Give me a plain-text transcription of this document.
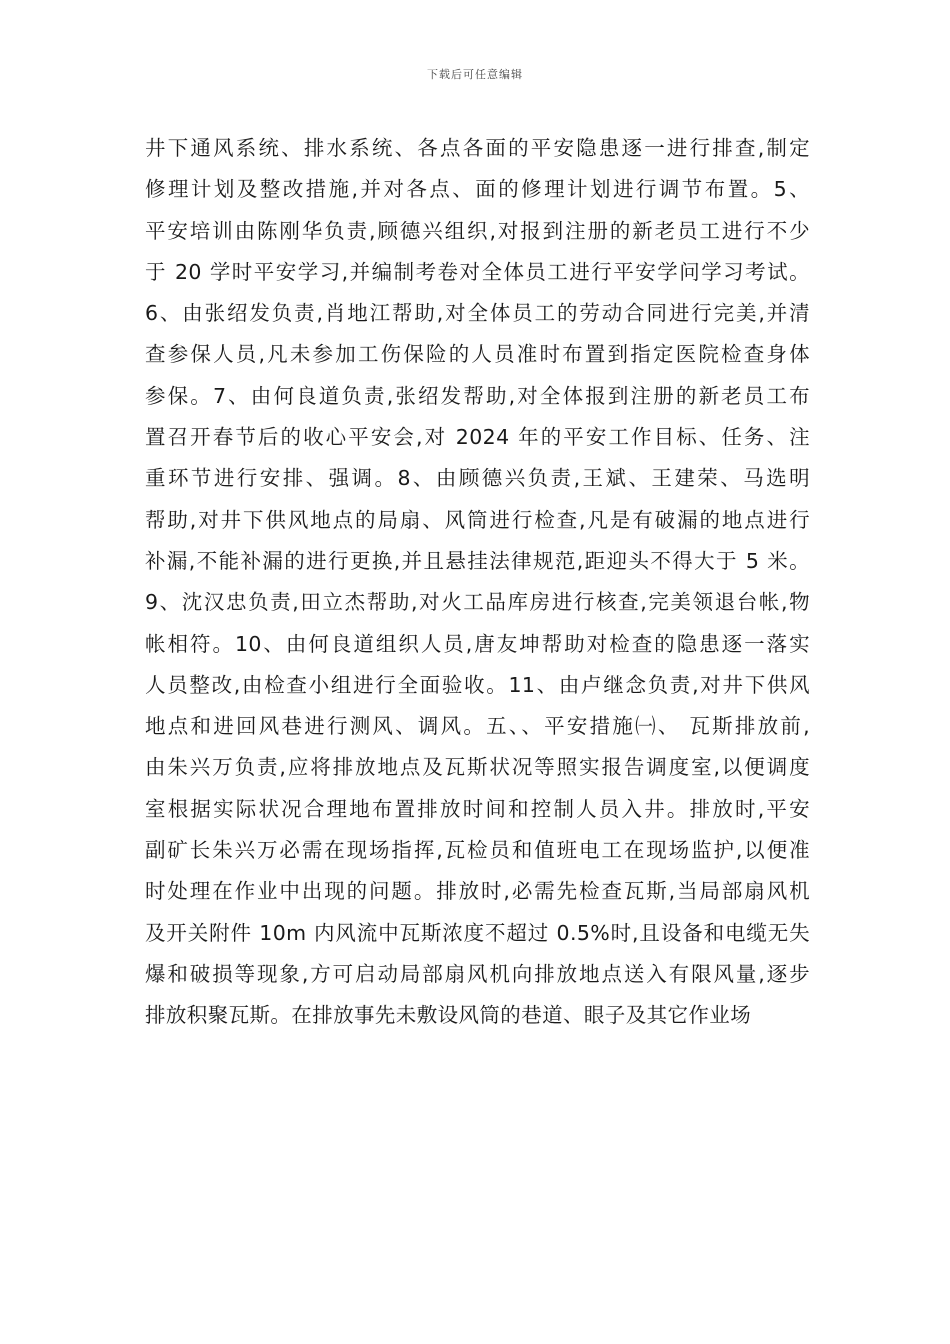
下载后可任意编辑
井下通风系统、排水系统、各点各面的平安隐患逐一进行排查,制定
修理计划及整改措施,并对各点、面的修理计划进行调节布置。5、
平安培训由陈刚华负责,顾德兴组织,对报到注册的新老员工进行不少
于 20 学时平安学习,并编制考卷对全体员工进行平安学问学习考试。
6、由张绍发负责,肖地江帮助,对全体员工的劳动合同进行完美,并清
查参保人员,凡未参加工伤保险的人员准时布置到指定医院检查身体
参保。7、由何良道负责,张绍发帮助,对全体报到注册的新老员工布
置召开春节后的收心平安会,对 2024 年的平安工作目标、任务、注
重环节进行安排、强调。8、由顾德兴负责,王斌、王建荣、马选明
帮助,对井下供风地点的局扇、风筒进行检查,凡是有破漏的地点进行
补漏,不能补漏的进行更换,并且悬挂法律规范,距迎头不得大于 5 米。
9、沈汉忠负责,田立杰帮助,对火工品库房进行核查,完美领退台帐,物
帐相符。10、由何良道组织人员,唐友坤帮助对检查的隐患逐一落实
人员整改,由检查小组进行全面验收。11、由卢继念负责,对井下供风
地点和进回风巷进行测风、调风。五、、平安措施㈠、 瓦斯排放前,
由朱兴万负责,应将排放地点及瓦斯状况等照实报告调度室,以便调度
室根据实际状况合理地布置排放时间和控制人员入井。排放时,平安
副矿长朱兴万必需在现场指挥,瓦检员和值班电工在现场监护,以便准
时处理在作业中出现的问题。排放时,必需先检查瓦斯,当局部扇风机
及开关附件 10m 内风流中瓦斯浓度不超过 0.5%时,且设备和电缆无失
爆和破损等现象,方可启动局部扇风机向排放地点送入有限风量,逐步
排放积聚瓦斯。在排放事先未敷设风筒的巷道、眼子及其它作业场
